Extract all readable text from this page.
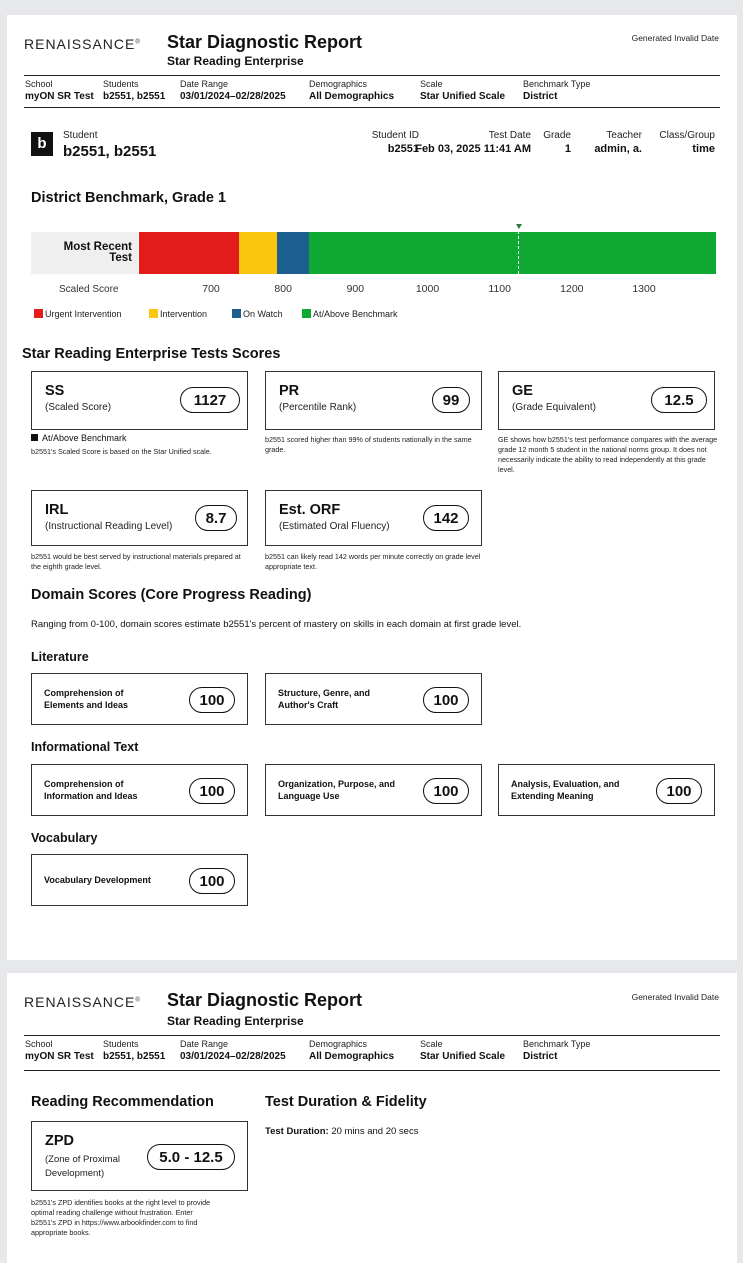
RENAISSANCE® Star Diagnostic Report
Star Reading Enterprise
Generated Invalid Date
School
myON SR Test
Students
b2551, b2551
Date Range
03/01/2024–02/28/2025
Demographics
All Demographics
Scale
Star Unified Scale
Benchmark Type
District
b	Student
b2551, b2551
Student ID
b2551
Test Date
Feb 03, 2025 11:41 AM
Grade
1
Teacher
admin, a.
Class/Group
time
District Benchmark, Grade 1
Most Recent Test
Scaled Score	700	800	900	1000	1100	1200	1300
Urgent Intervention	Intervention	On Watch	At/Above Benchmark
Star Reading Enterprise Tests Scores
SS
(Scaled Score)	1127
At/Above Benchmark
b2551's Scaled Score is based on the Star Unified scale.
PR
(Percentile Rank)	99
b2551 scored higher than 99% of students nationally in the same grade.
GE
(Grade Equivalent)	12.5
GE shows how b2551's test performance compares with the average grade 12 month 5 student in the national norms group. It does not necessarily indicate the ability to read independently at this grade level.
IRL
(Instructional Reading Level)	8.7
b2551 would be best served by instructional materials prepared at the eighth grade level.
Est. ORF
(Estimated Oral Fluency)	142
b2551 can likely read 142 words per minute correctly on grade level appropriate text.
Domain Scores (Core Progress Reading)
Ranging from 0-100, domain scores estimate b2551's percent of mastery on skills in each domain at first grade level.
Literature
Comprehension of
Elements and Ideas	100	Structure, Genre, and
Author's Craft	100
Informational Text
Comprehension of
Information and Ideas	100	Organization, Purpose, and
Language Use	100	Analysis, Evaluation, and
Extending Meaning	100
Vocabulary
Vocabulary Development	100
RENAISSANCE® Star Diagnostic Report
Star Reading Enterprise
Generated Invalid Date
School
myON SR Test
Students
b2551, b2551
Date Range
03/01/2024–02/28/2025
Demographics
All Demographics
Scale
Star Unified Scale
Benchmark Type
District
Reading Recommendation
ZPD
(Zone of Proximal
Development)
5.0 - 12.5
b2551's ZPD identifies books at the right level to provide
optimal reading challenge without frustration. Enter
b2551's ZPD in https://www.arbookfinder.com to find
appropriate books.
Test Duration & Fidelity
Test Duration: 20 mins and 20 secs
